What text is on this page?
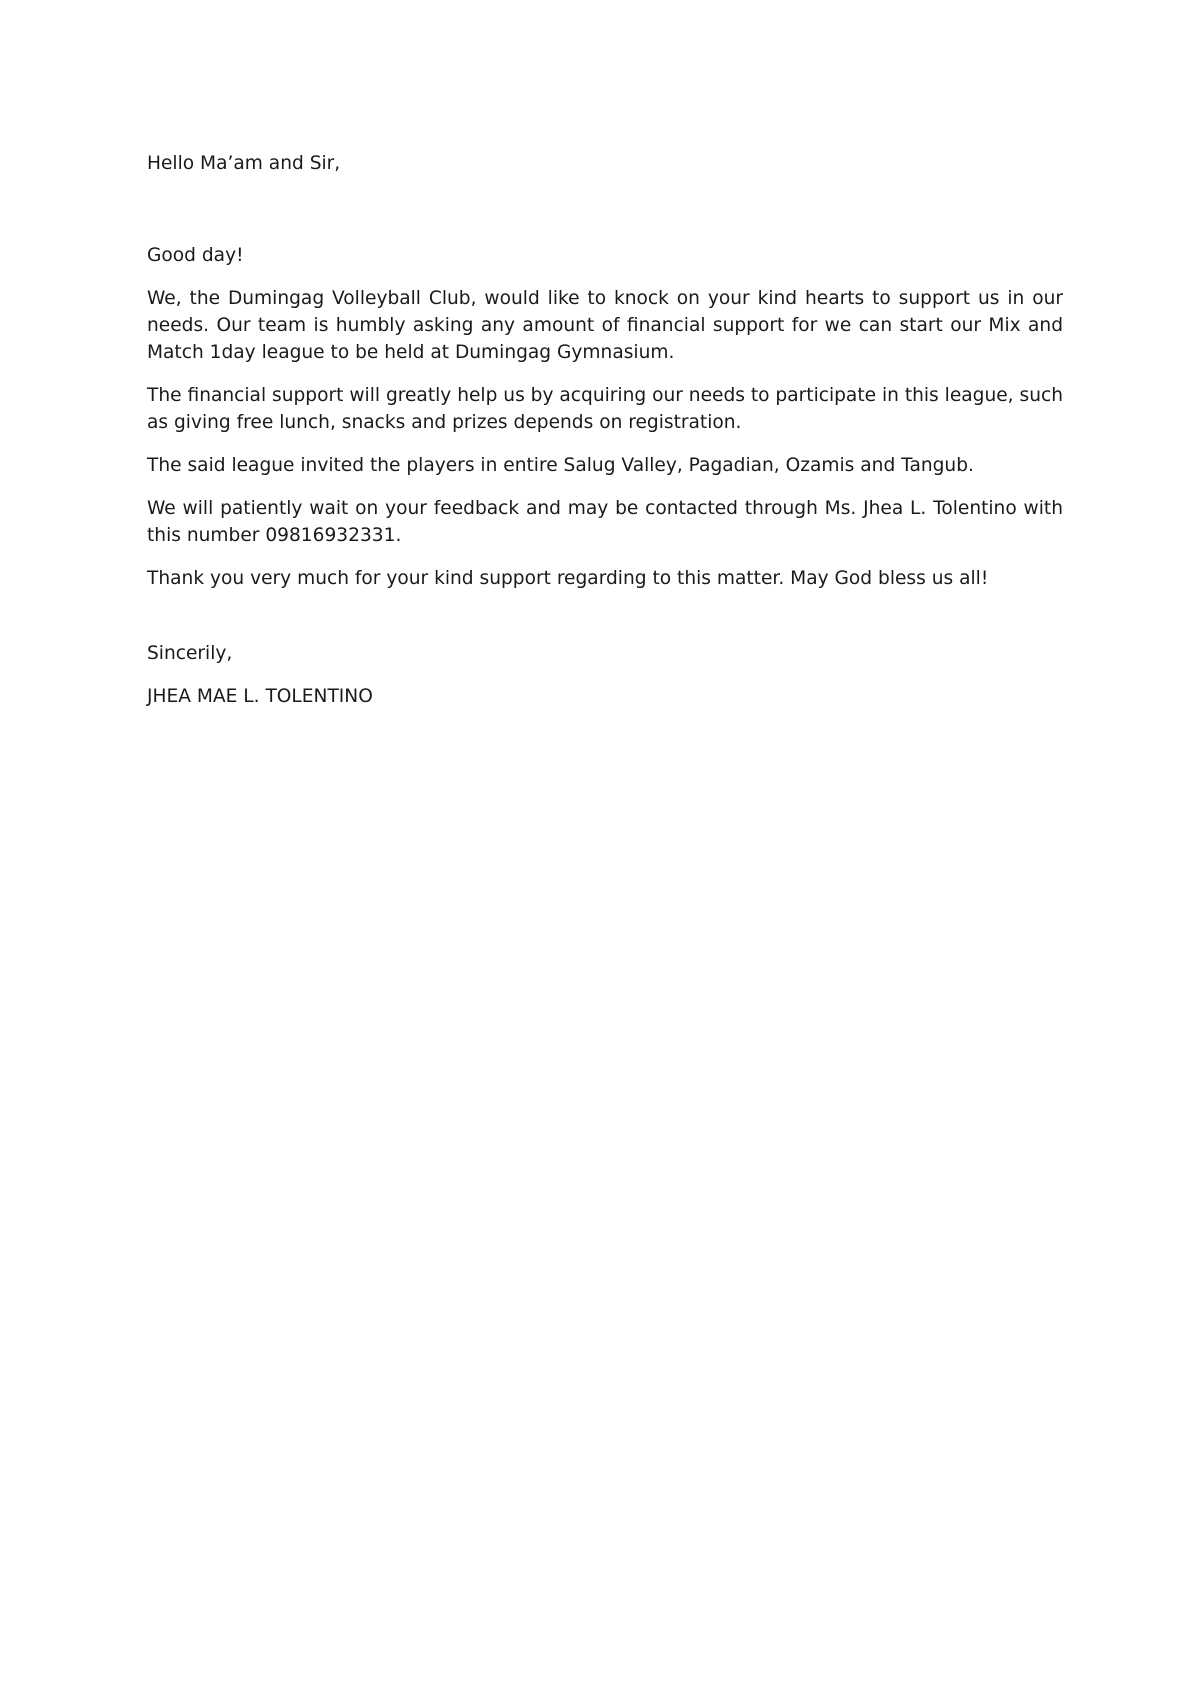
Hello Ma’am and Sir,

Good day!

We, the Dumingag Volleyball Club, would like to knock on your kind hearts to support us in our needs. Our team is humbly asking any amount of financial support for we can start our Mix and Match 1day league to be held at Dumingag Gymnasium.

The financial support will greatly help us by acquiring our needs to participate in this league, such as giving free lunch, snacks and prizes depends on registration.

The said league invited the players in entire Salug Valley, Pagadian, Ozamis and Tangub.

We will patiently wait on your feedback and may be contacted through Ms. Jhea L. Tolentino with this number 09816932331.

Thank you very much for your kind support regarding to this matter. May God bless us all!

Sincerily,

JHEA MAE L. TOLENTINO
